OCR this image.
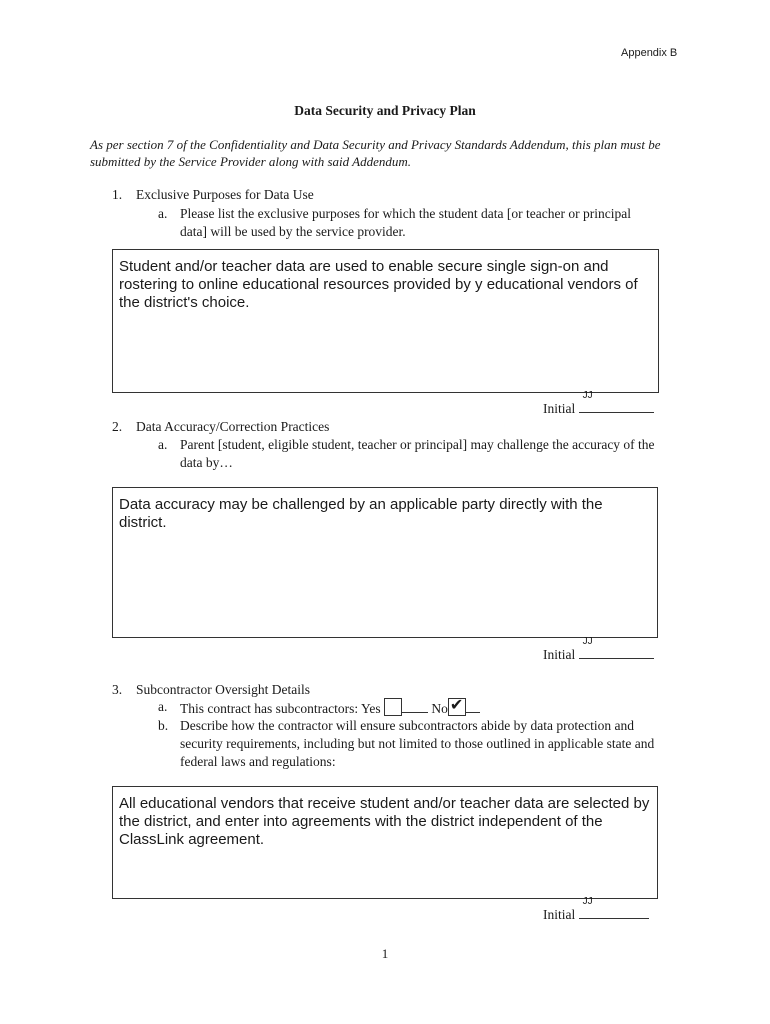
Appendix B
Data Security and Privacy Plan
As per section 7 of the Confidentiality and Data Security and Privacy Standards Addendum, this plan must be submitted by the Service Provider along with said Addendum.
1. Exclusive Purposes for Data Use
a. Please list the exclusive purposes for which the student data [or teacher or principal data] will be used by the service provider.
Student and/or teacher data are used to enable secure single sign-on and rostering to online educational resources provided by y educational vendors of the district's choice.
Initial
JJ
2. Data Accuracy/Correction Practices
a. Parent [student, eligible student, teacher or principal] may challenge the accuracy of the data by…
Data accuracy may be challenged by an applicable party directly with the district.
Initial
JJ
3. Subcontractor Oversight Details
a. This contract has subcontractors: Yes	No ✔
b. Describe how the contractor will ensure subcontractors abide by data protection and security requirements, including but not limited to those outlined in applicable state and federal laws and regulations:
All educational vendors that receive student and/or teacher data are selected by the district, and enter into agreements with the district independent of the ClassLink agreement.
Initial
JJ
1
